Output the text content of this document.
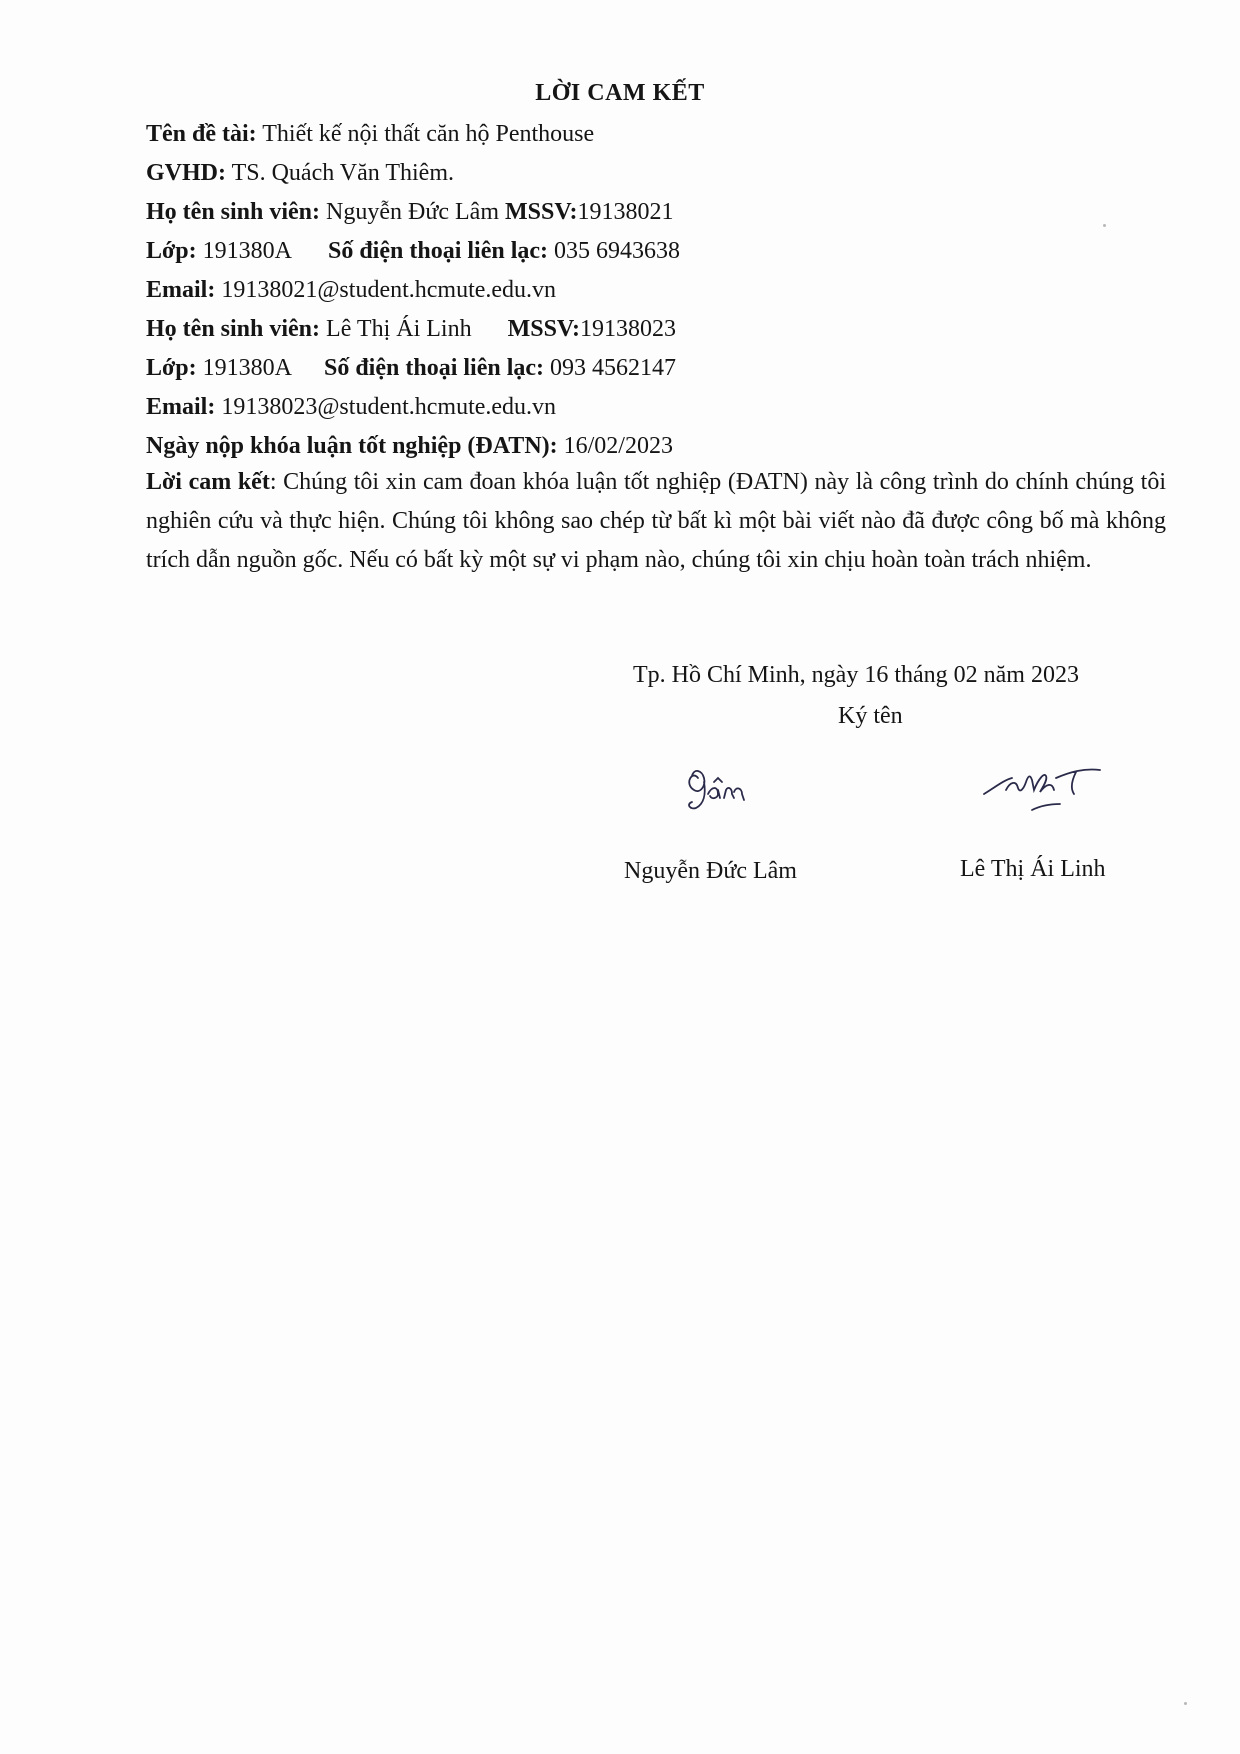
LỜI CAM KẾT
Tên đề tài: Thiết kế nội thất căn hộ Penthouse
GVHD: TS. Quách Văn Thiêm.
Họ tên sinh viên: Nguyễn Đức Lâm MSSV:19138021
Lớp: 191380A Số điện thoại liên lạc: 035 6943638
Email: 19138021@student.hcmute.edu.vn
Họ tên sinh viên: Lê Thị Ái Linh MSSV:19138023
Lớp: 191380A Số điện thoại liên lạc: 093 4562147
Email: 19138023@student.hcmute.edu.vn
Ngày nộp khóa luận tốt nghiệp (ĐATN): 16/02/2023
Lời cam kết: Chúng tôi xin cam đoan khóa luận tốt nghiệp (ĐATN) này là công trình do chính chúng tôi nghiên cứu và thực hiện. Chúng tôi không sao chép từ bất kì một bài viết nào đã được công bố mà không trích dẫn nguồn gốc. Nếu có bất kỳ một sự vi phạm nào, chúng tôi xin chịu hoàn toàn trách nhiệm.
Tp. Hồ Chí Minh, ngày 16 tháng 02 năm 2023
Ký tên
Nguyễn Đức Lâm	Lê Thị Ái Linh
